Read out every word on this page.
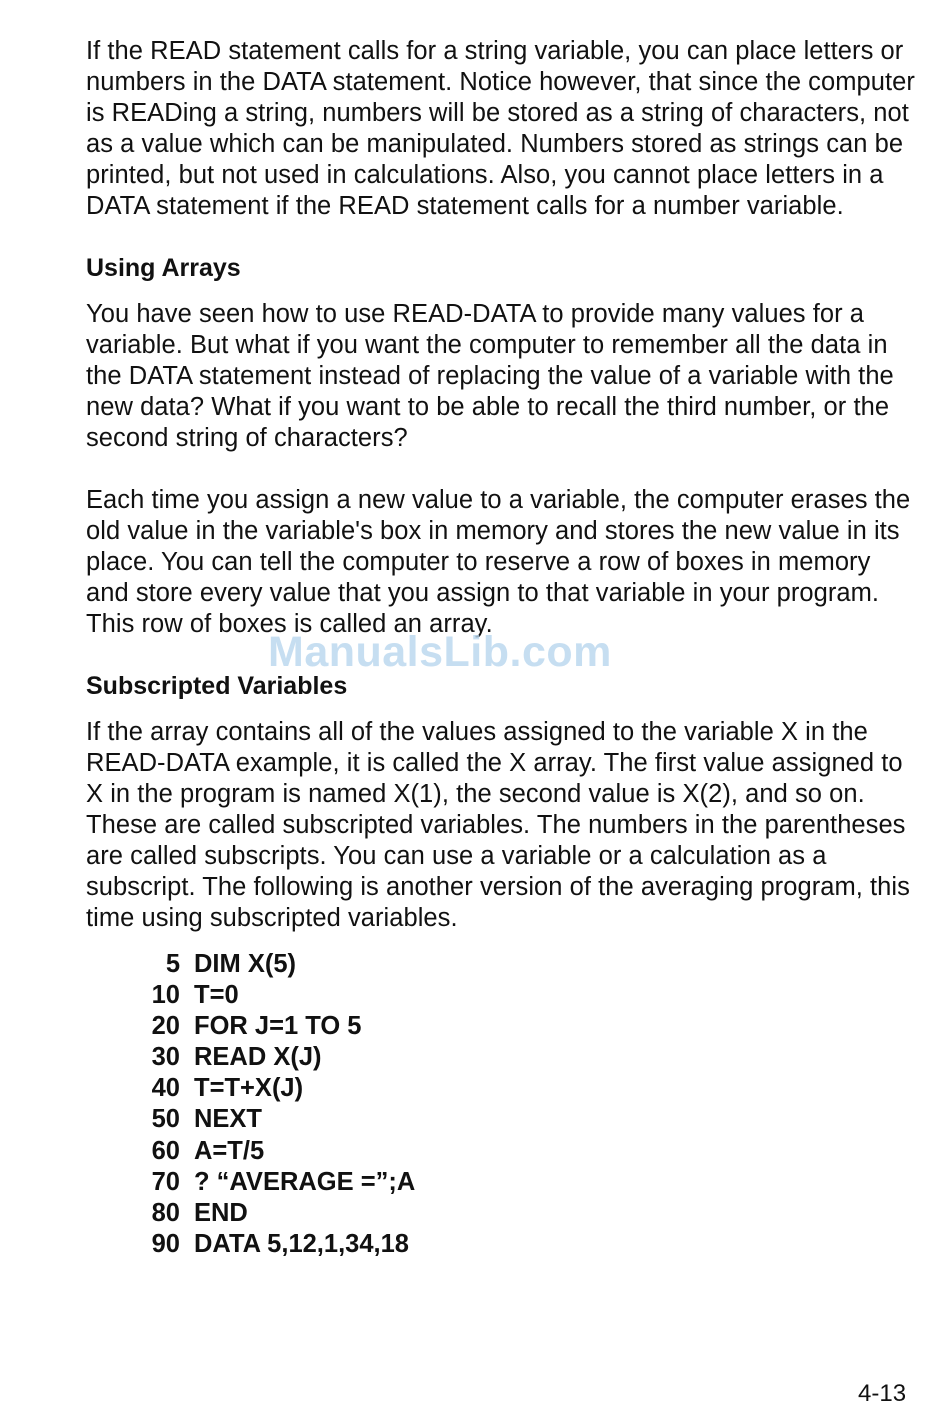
If the READ statement calls for a string variable, you can place letters or numbers in the DATA statement. Notice however, that since the computer is READing a string, numbers will be stored as a string of characters, not as a value which can be manipulated. Numbers stored as strings can be printed, but not used in calculations. Also, you cannot place letters in a DATA statement if the READ statement calls for a number variable.

Using Arrays

You have seen how to use READ-DATA to provide many values for a variable. But what if you want the computer to remember all the data in the DATA statement instead of replacing the value of a variable with the new data? What if you want to be able to recall the third number, or the second string of characters?

Each time you assign a new value to a variable, the computer erases the old value in the variable's box in memory and stores the new value in its place. You can tell the computer to reserve a row of boxes in memory and store every value that you assign to that variable in your program. This row of boxes is called an array.

Subscripted Variables

If the array contains all of the values assigned to the variable X in the READ-DATA example, it is called the X array. The first value assigned to X in the program is named X(1), the second value is X(2), and so on. These are called subscripted variables. The numbers in the parentheses are called subscripts. You can use a variable or a calculation as a subscript. The following is another version of the averaging program, this time using subscripted variables.

5 DIM X(5)
10 T=0
20 FOR J=1 TO 5
30 READ X(J)
40 T=T+X(J)
50 NEXT
60 A=T/5
70 ? “AVERAGE =”;A
80 END
90 DATA 5,12,1,34,18
ManualsLib.com
4-13
